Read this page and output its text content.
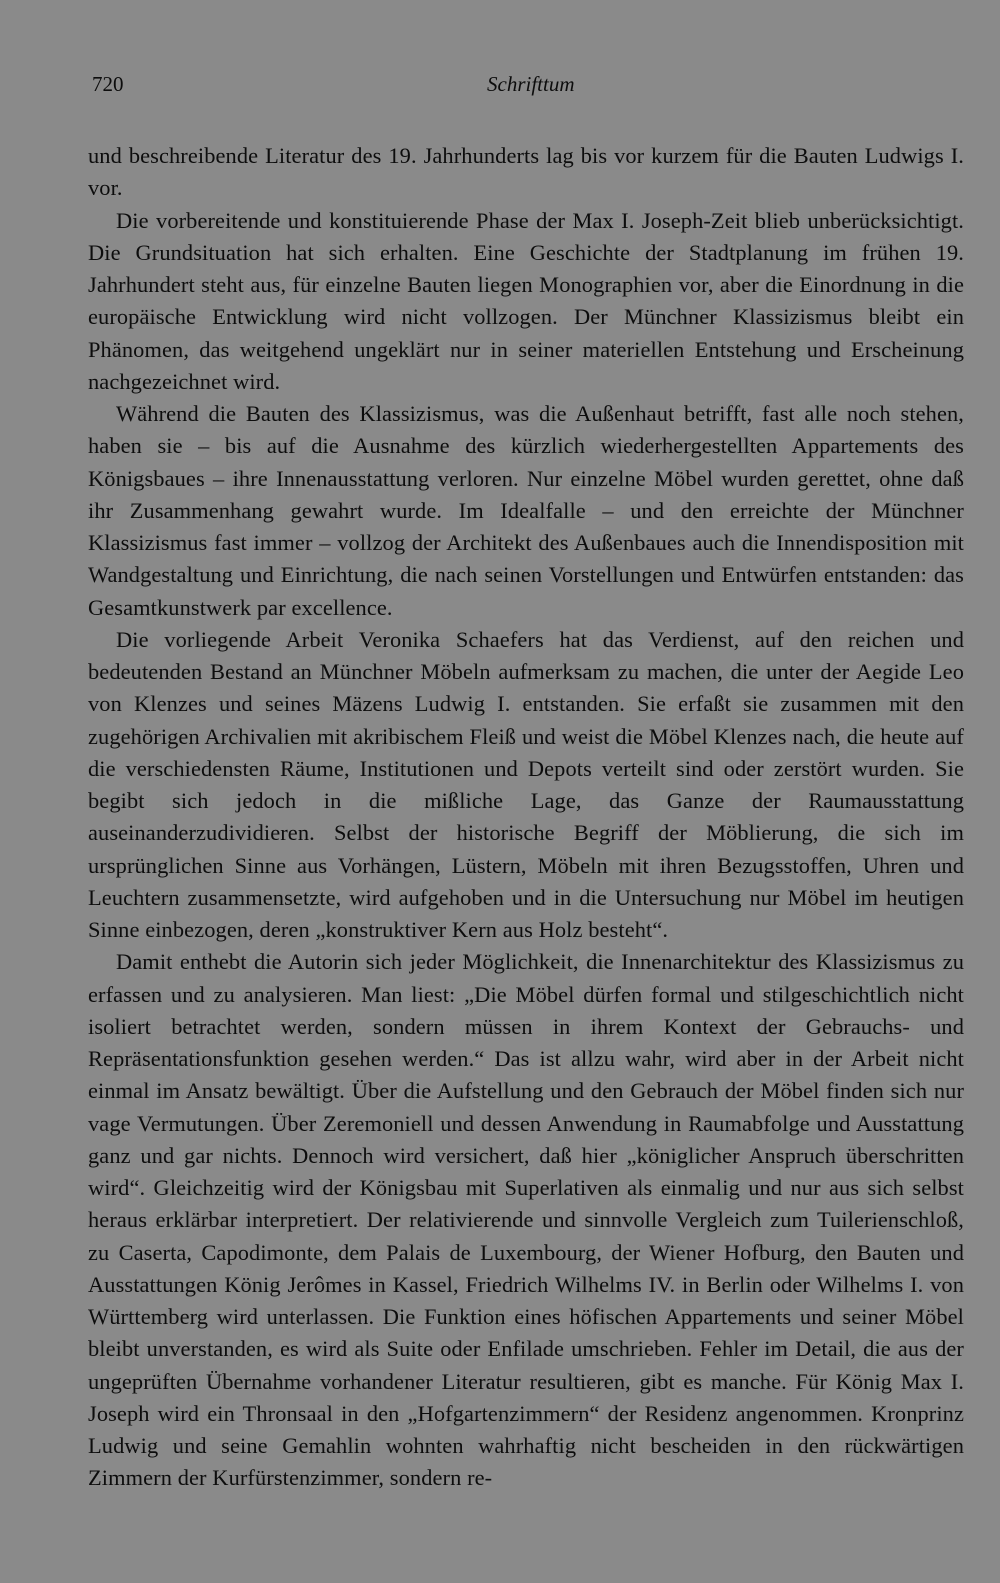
720	Schrifttum

und beschreibende Literatur des 19. Jahrhunderts lag bis vor kurzem für die Bauten Ludwigs I. vor.

Die vorbereitende und konstituierende Phase der Max I. Joseph-Zeit blieb unberücksichtigt. Die Grundsituation hat sich erhalten. Eine Geschichte der Stadtplanung im frühen 19. Jahrhundert steht aus, für einzelne Bauten liegen Monographien vor, aber die Einordnung in die europäische Entwicklung wird nicht vollzogen. Der Münchner Klassizismus bleibt ein Phänomen, das weitgehend ungeklärt nur in seiner materiellen Entstehung und Erscheinung nachgezeichnet wird.

Während die Bauten des Klassizismus, was die Außenhaut betrifft, fast alle noch stehen, haben sie – bis auf die Ausnahme des kürzlich wiederhergestellten Appartements des Königsbaues – ihre Innenausstattung verloren. Nur einzelne Möbel wurden gerettet, ohne daß ihr Zusammenhang gewahrt wurde. Im Idealfalle – und den erreichte der Münchner Klassizismus fast immer – vollzog der Architekt des Außenbaues auch die Innendisposition mit Wandgestaltung und Einrichtung, die nach seinen Vorstellungen und Entwürfen entstanden: das Gesamtkunstwerk par excellence.

Die vorliegende Arbeit Veronika Schaefers hat das Verdienst, auf den reichen und bedeutenden Bestand an Münchner Möbeln aufmerksam zu machen, die unter der Aegide Leo von Klenzes und seines Mäzens Ludwig I. entstanden. Sie erfaßt sie zusammen mit den zugehörigen Archivalien mit akribischem Fleiß und weist die Möbel Klenzes nach, die heute auf die verschiedensten Räume, Institutionen und Depots verteilt sind oder zerstört wurden. Sie begibt sich jedoch in die mißliche Lage, das Ganze der Raumausstattung auseinanderzudividieren. Selbst der historische Begriff der Möblierung, die sich im ursprünglichen Sinne aus Vorhängen, Lüstern, Möbeln mit ihren Bezugsstoffen, Uhren und Leuchtern zusammensetzte, wird aufgehoben und in die Untersuchung nur Möbel im heutigen Sinne einbezogen, deren „konstruktiver Kern aus Holz besteht“.

Damit enthebt die Autorin sich jeder Möglichkeit, die Innenarchitektur des Klassizismus zu erfassen und zu analysieren. Man liest: „Die Möbel dürfen formal und stilgeschichtlich nicht isoliert betrachtet werden, sondern müssen in ihrem Kontext der Gebrauchs- und Repräsentationsfunktion gesehen werden.“ Das ist allzu wahr, wird aber in der Arbeit nicht einmal im Ansatz bewältigt. Über die Aufstellung und den Gebrauch der Möbel finden sich nur vage Vermutungen. Über Zeremoniell und dessen Anwendung in Raumabfolge und Ausstattung ganz und gar nichts. Dennoch wird versichert, daß hier „königlicher Anspruch überschritten wird“. Gleichzeitig wird der Königsbau mit Superlativen als einmalig und nur aus sich selbst heraus erklärbar interpretiert. Der relativierende und sinnvolle Vergleich zum Tuilerienschloß, zu Caserta, Capodimonte, dem Palais de Luxembourg, der Wiener Hofburg, den Bauten und Ausstattungen König Jerômes in Kassel, Friedrich Wilhelms IV. in Berlin oder Wilhelms I. von Württemberg wird unterlassen. Die Funktion eines höfischen Appartements und seiner Möbel bleibt unverstanden, es wird als Suite oder Enfilade umschrieben. Fehler im Detail, die aus der ungeprüften Übernahme vorhandener Literatur resultieren, gibt es manche. Für König Max I. Joseph wird ein Thronsaal in den „Hofgartenzimmern“ der Residenz angenommen. Kronprinz Ludwig und seine Gemahlin wohnten wahrhaftig nicht bescheiden in den rückwärtigen Zimmern der Kurfürstenzimmer, sondern re-
